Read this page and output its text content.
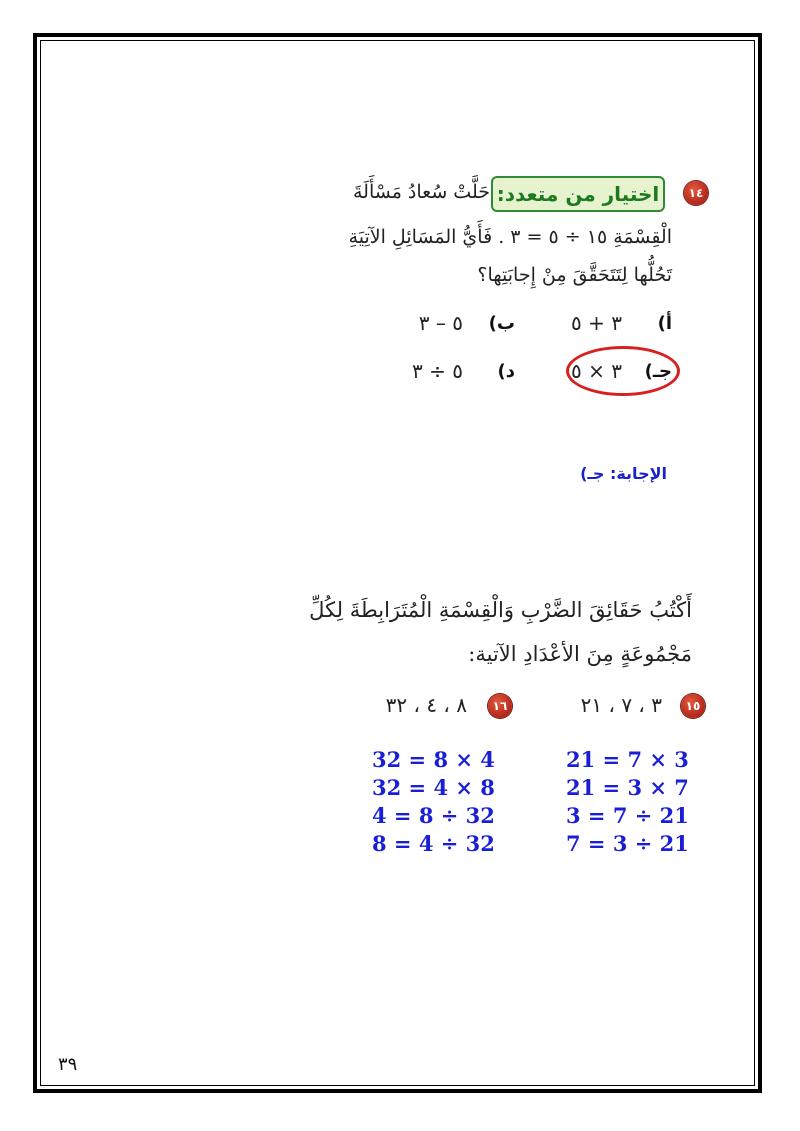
١٤
اختيار من متعدد:
حَلَّتْ سُعادُ مَسْأَلَةَ
الْقِسْمَةِ ١٥ ÷ ٥ = ٣ . فَأَيُّ المَسَائِلِ الآتِيَةِ
تَحُلُّها لِتَتَحَقَّقَ مِنْ إِجابَتِها؟
أ)
٣ + ٥
ب)
٥ – ٣
جـ)
٣ × ٥
د)
٥ ÷ ٣
الإجابة: جـ)
أَكْتُبُ حَقَائِقَ الضَّرْبِ وَالْقِسْمَةِ الْمُتَرَابِطَةَ لِكُلِّ
مَجْمُوعَةٍ مِنَ الأعْدَادِ الآتية:
١٥
٣ ، ٧ ، ٢١
١٦
٨ ، ٤ ، ٣٢
21 = 7 × 3
21 = 3 × 7
3 = 7 ÷ 21
7 = 3 ÷ 21
32 = 8 × 4
32 = 4 × 8
4 = 8 ÷ 32
8 = 4 ÷ 32
٣٩
